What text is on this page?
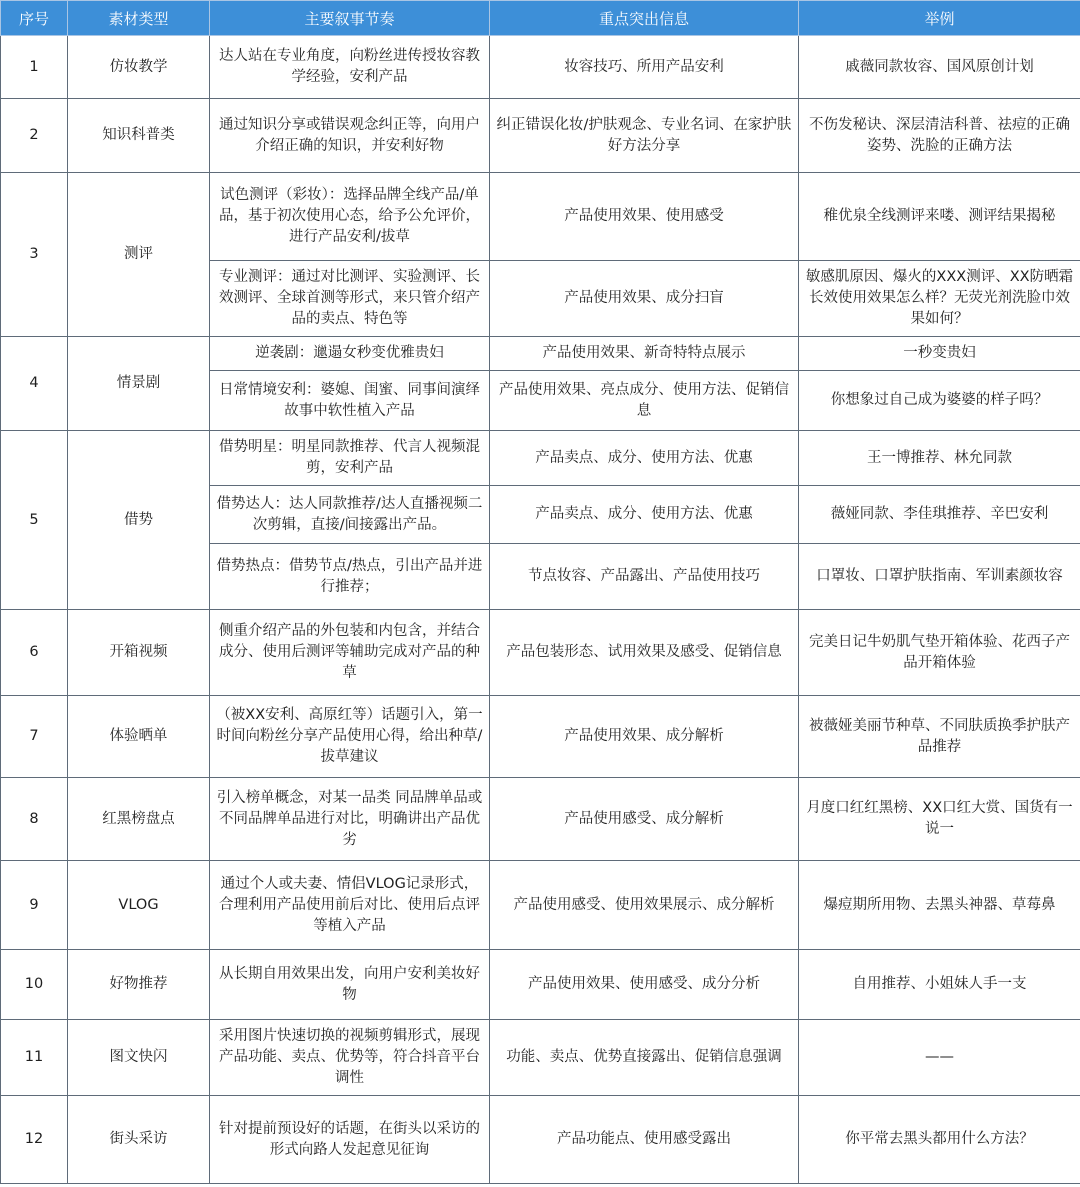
序号	素材类型	主要叙事节奏	重点突出信息	举例
1	仿妆教学	达人站在专业角度，向粉丝进传授妆容教学经验，安利产品	妆容技巧、所用产品安利	戚薇同款妆容、国风原创计划
2	知识科普类	通过知识分享或错误观念纠正等，向用户介绍正确的知识，并安利好物	纠正错误化妆/护肤观念、专业名词、在家护肤好方法分享	不伤发秘诀、深层清洁科普、祛痘的正确姿势、洗脸的正确方法
3	测评	试色测评（彩妆）：选择品牌全线产品/单品，基于初次使用心态，给予公允评价，进行产品安利/拔草	产品使用效果、使用感受	稚优泉全线测评来喽、测评结果揭秘
		专业测评：通过对比测评、实验测评、长效测评、全球首测等形式，来只管介绍产品的卖点、特色等	产品使用效果、成分扫盲	敏感肌原因、爆火的XXX测评、XX防晒霜长效使用效果怎么样？无荧光剂洗脸巾效果如何？
4	情景剧	逆袭剧：邋遢女秒变优雅贵妇	产品使用效果、新奇特特点展示	一秒变贵妇
		日常情境安利：婆媳、闺蜜、同事间演绎故事中软性植入产品	产品使用效果、亮点成分、使用方法、促销信息	你想象过自己成为婆婆的样子吗？
5	借势	借势明星：明星同款推荐、代言人视频混剪，安利产品	产品卖点、成分、使用方法、优惠	王一博推荐、林允同款
		借势达人：达人同款推荐/达人直播视频二次剪辑，直接/间接露出产品。	产品卖点、成分、使用方法、优惠	薇娅同款、李佳琪推荐、辛巴安利
		借势热点：借势节点/热点，引出产品并进行推荐；	节点妆容、产品露出、产品使用技巧	口罩妆、口罩护肤指南、军训素颜妆容
6	开箱视频	侧重介绍产品的外包装和内包含，并结合成分、使用后测评等辅助完成对产品的种草	产品包装形态、试用效果及感受、促销信息	完美日记牛奶肌气垫开箱体验、花西子产品开箱体验
7	体验晒单	（被XX安利、高原红等）话题引入，第一时间向粉丝分享产品使用心得，给出种草/拔草建议	产品使用效果、成分解析	被薇娅美丽节种草、不同肤质换季护肤产品推荐
8	红黑榜盘点	引入榜单概念，对某一品类 同品牌单品或不同品牌单品进行对比，明确讲出产品优劣	产品使用感受、成分解析	月度口红红黑榜、XX口红大赏、国货有一说一
9	VLOG	通过个人或夫妻、情侣VLOG记录形式，合理利用产品使用前后对比、使用后点评等植入产品	产品使用感受、使用效果展示、成分解析	爆痘期所用物、去黑头神器、草莓鼻
10	好物推荐	从长期自用效果出发，向用户安利美妆好物	产品使用效果、使用感受、成分分析	自用推荐、小姐妹人手一支
11	图文快闪	采用图片快速切换的视频剪辑形式，展现产品功能、卖点、优势等，符合抖音平台调性	功能、卖点、优势直接露出、促销信息强调	——
12	街头采访	针对提前预设好的话题，在街头以采访的形式向路人发起意见征询	产品功能点、使用感受露出	你平常去黑头都用什么方法？
